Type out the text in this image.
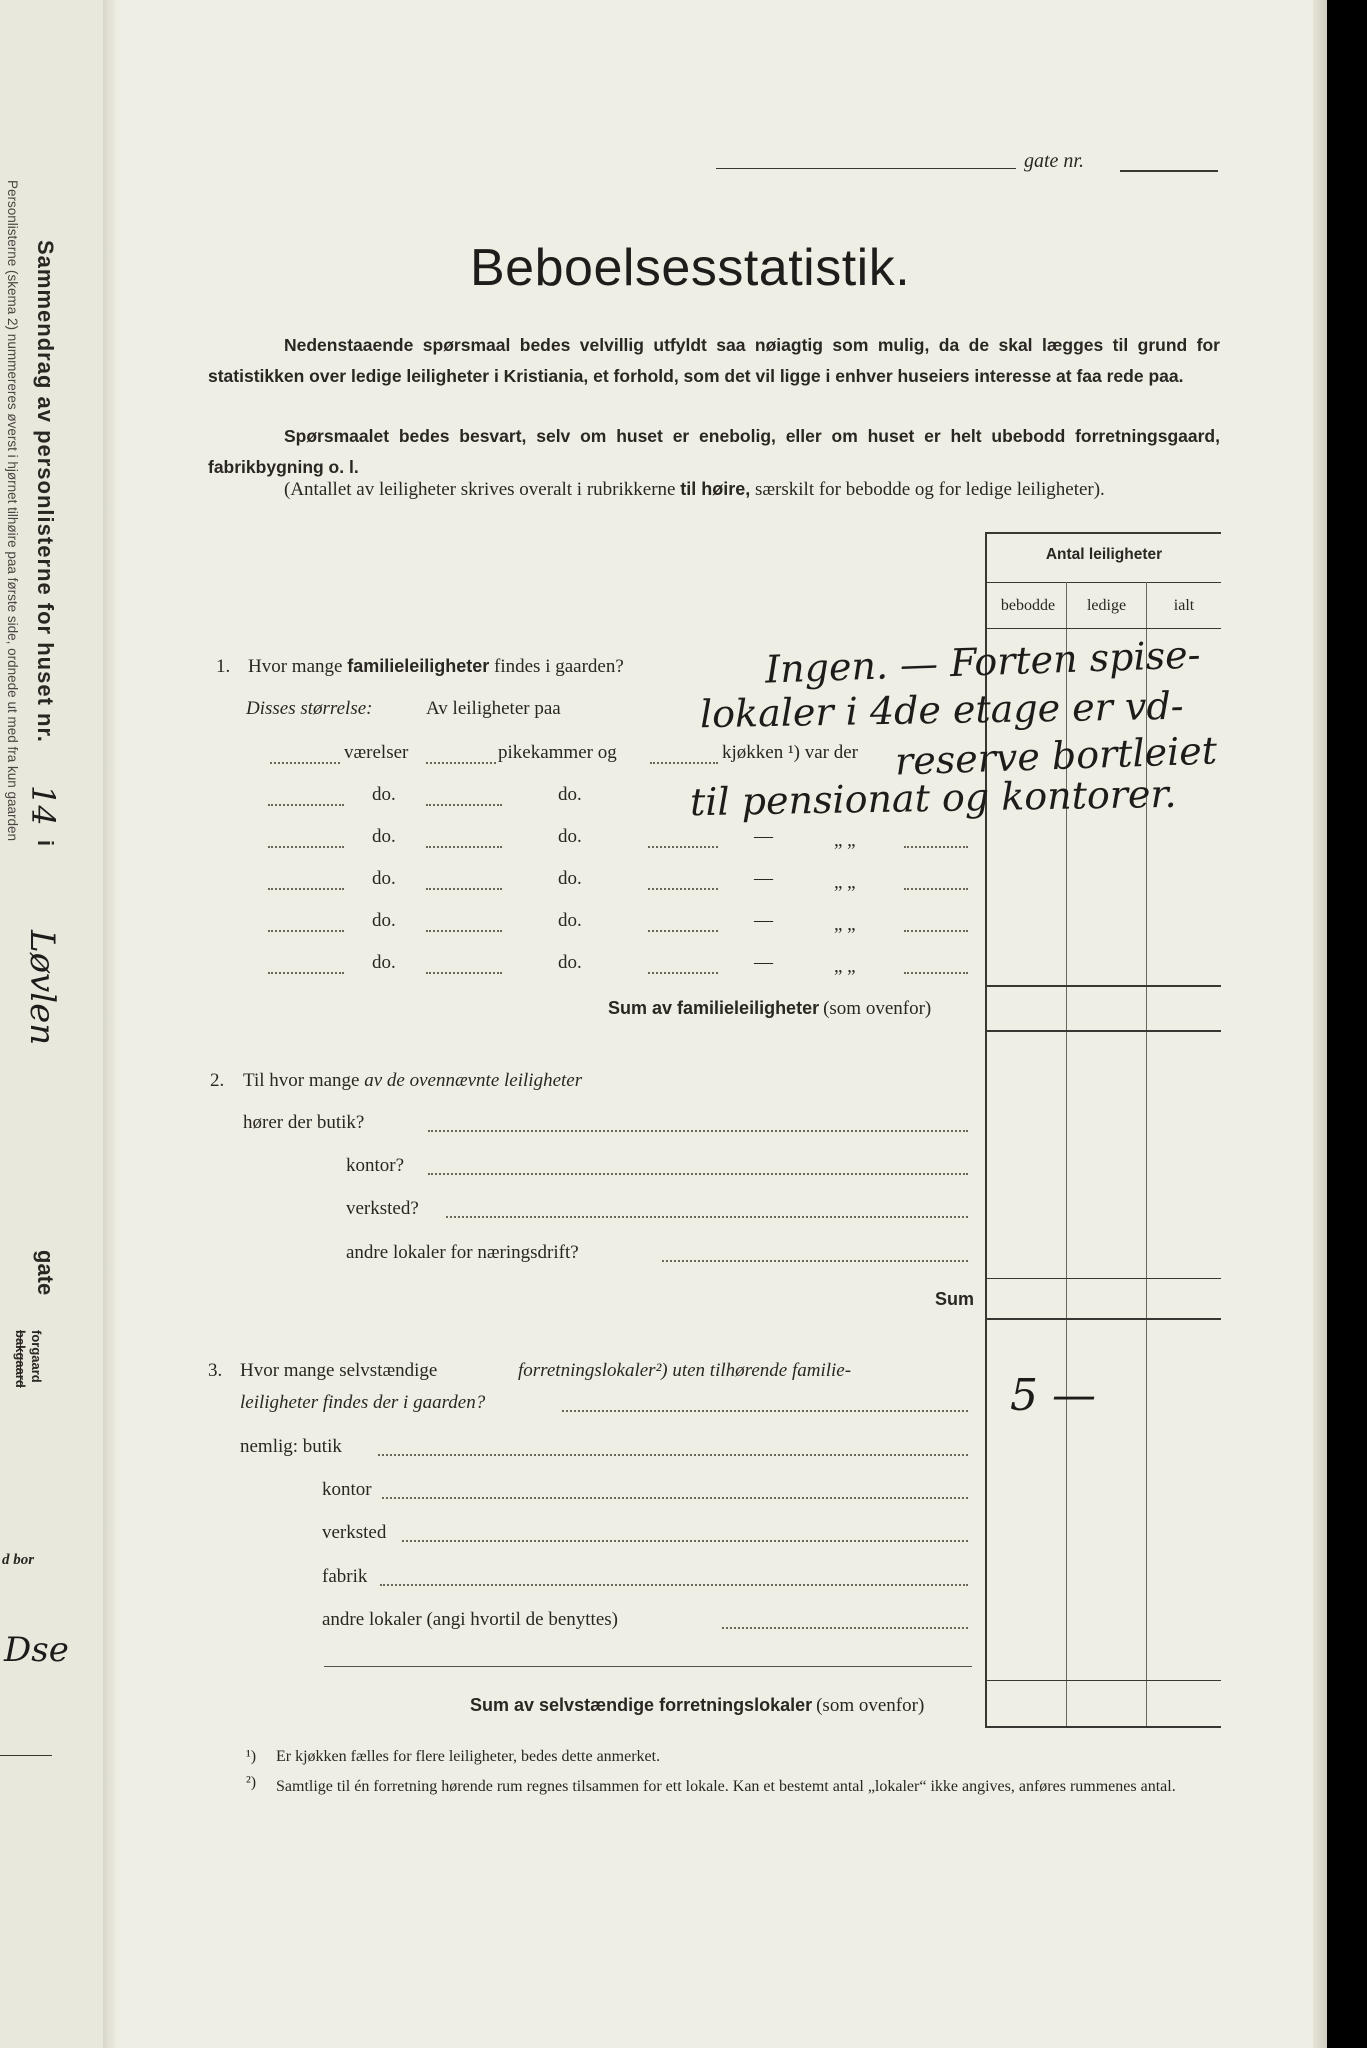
Sammendrag av personlisterne for huset nr.
Personlisterne (skema 2) nummereres øverst i hjørnet tilhøire paa første side, ordnede ut med fra kun gaarden 14
i
Løvlen
gate
forgaard
bakgaard
d bor
Dse
gate nr.
Beboelsesstatistik.
Nedenstaaende spørsmaal bedes velvillig utfyldt saa nøiagtig som mulig, da de skal lægges til grund for statistikken over ledige leiligheter i Kristiania, et forhold, som det vil ligge i enhver huseiers interesse at faa rede paa.
Spørsmaalet bedes besvart, selv om huset er enebolig, eller om huset er helt ubebodd forretningsgaard, fabrikbygning o. l.
(Antallet av leiligheter skrives overalt i rubrikkerne til høire, særskilt for bebodde og for ledige leiligheter).
Antal leiligheter
bebodde	ledige	ialt
1. Hvor mange familieleiligheter findes i gaarden?
Disses størrelse:	Av leiligheter paa
værelser	pikekammer og	kjøkken ¹) var der
do.	do.
do.	do.	—	„ „
do.	do.	—	„ „
do.	do.	—	„ „
do.	do.	—	„ „
Sum av familieleiligheter (som ovenfor)
2. Til hvor mange av de ovennævnte leiligheter
hører der butik?
kontor?
verksted?
andre lokaler for næringsdrift?
Sum
3. Hvor mange selvstændige	forretningslokaler²) uten tilhørende familie-
leiligheter findes der i gaarden?
nemlig: butik
kontor
verksted
fabrik
andre lokaler (angi hvortil de benyttes)
Sum av selvstændige forretningslokaler (som ovenfor)
¹) Er kjøkken fælles for flere leiligheter, bedes dette anmerket.
²) Samtlige til én forretning hørende rum regnes tilsammen for ett lokale. Kan et bestemt antal „lokaler“ ikke angives, anføres rummenes antal.
Ingen. — Forten spise-
lokaler i 4de etage er vd-
reserve bortleiet
til pensionat og kontorer.
5 —
